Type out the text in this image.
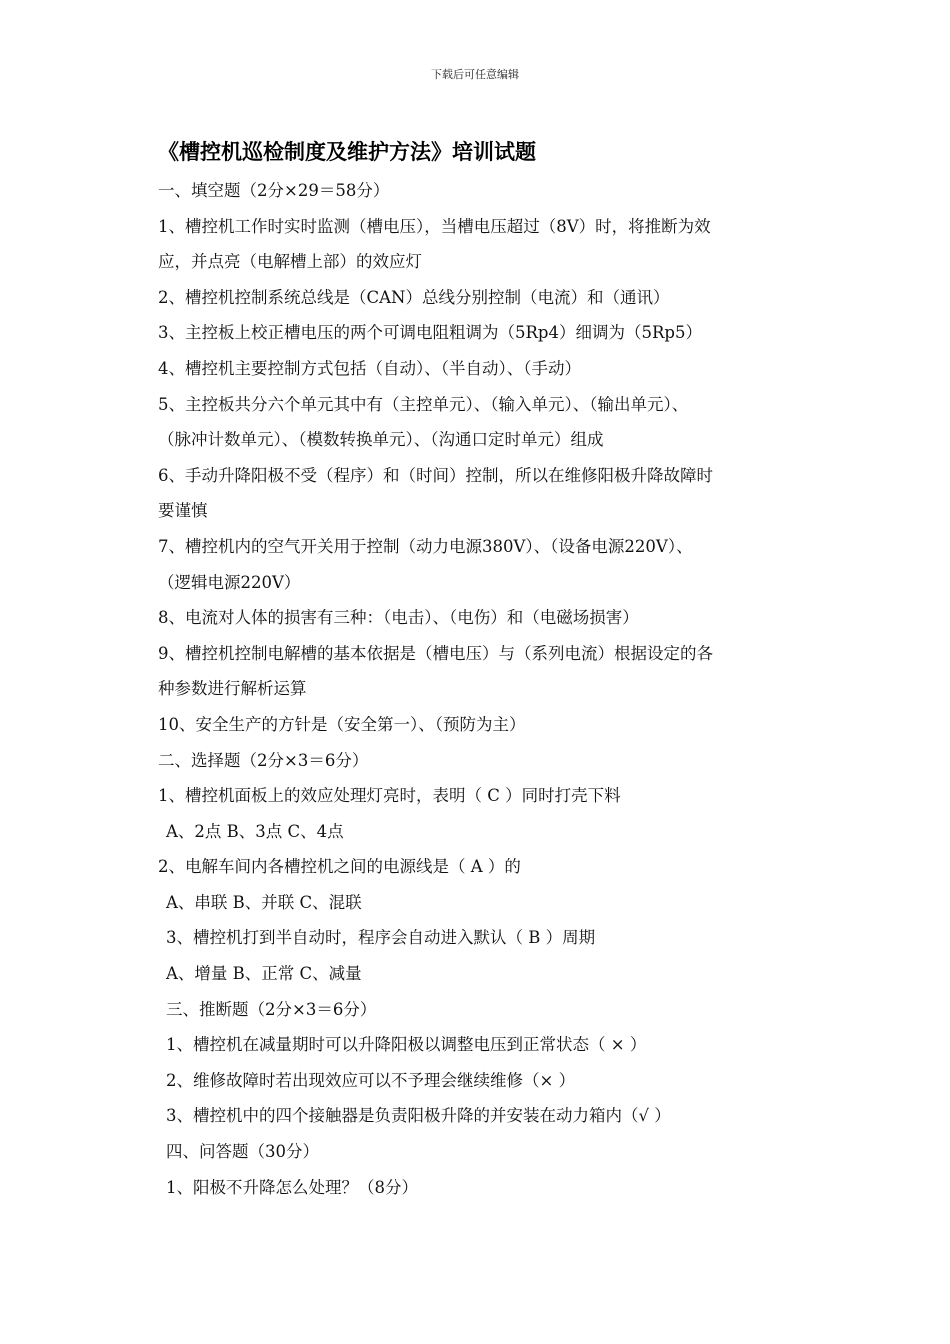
下载后可任意编辑
《槽控机巡检制度及维护方法》培训试题
一、填空题（2分×29＝58分）
1、槽控机工作时实时监测（槽电压），当槽电压超过（8V）时，将推断为效
应，并点亮（电解槽上部）的效应灯
2、槽控机控制系统总线是（CAN）总线分别控制（电流）和（通讯）
3、主控板上校正槽电压的两个可调电阻粗调为（5Rp4）细调为（5Rp5）
4、槽控机主要控制方式包括（自动）、（半自动）、（手动）
5、主控板共分六个单元其中有（主控单元）、（输入单元）、（输出单元）、
（脉冲计数单元）、（模数转换单元）、（沟通口定时单元）组成
6、手动升降阳极不受（程序）和（时间）控制，所以在维修阳极升降故障时
要谨慎
7、槽控机内的空气开关用于控制（动力电源380V）、（设备电源220V）、
（逻辑电源220V）
8、电流对人体的损害有三种：（电击）、（电伤）和（电磁场损害）
9、槽控机控制电解槽的基本依据是（槽电压）与（系列电流）根据设定的各
种参数进行解析运算
10、安全生产的方针是（安全第一）、（预防为主）
二、选择题（2分×3＝6分）
1、槽控机面板上的效应处理灯亮时，表明（ C ）同时打壳下料
A、2点 B、3点 C、4点
2、电解车间内各槽控机之间的电源线是（ A ）的
A、串联 B、并联 C、混联
3、槽控机打到半自动时，程序会自动进入默认（ B ）周期
A、增量 B、正常 C、减量
三、推断题（2分×3＝6分）
1、槽控机在减量期时可以升降阳极以调整电压到正常状态（ × ）
2、维修故障时若出现效应可以不予理会继续维修（× ）
3、槽控机中的四个接触器是负责阳极升降的并安装在动力箱内（√ ）
四、问答题（30分）
1、阳极不升降怎么处理？（8分）
